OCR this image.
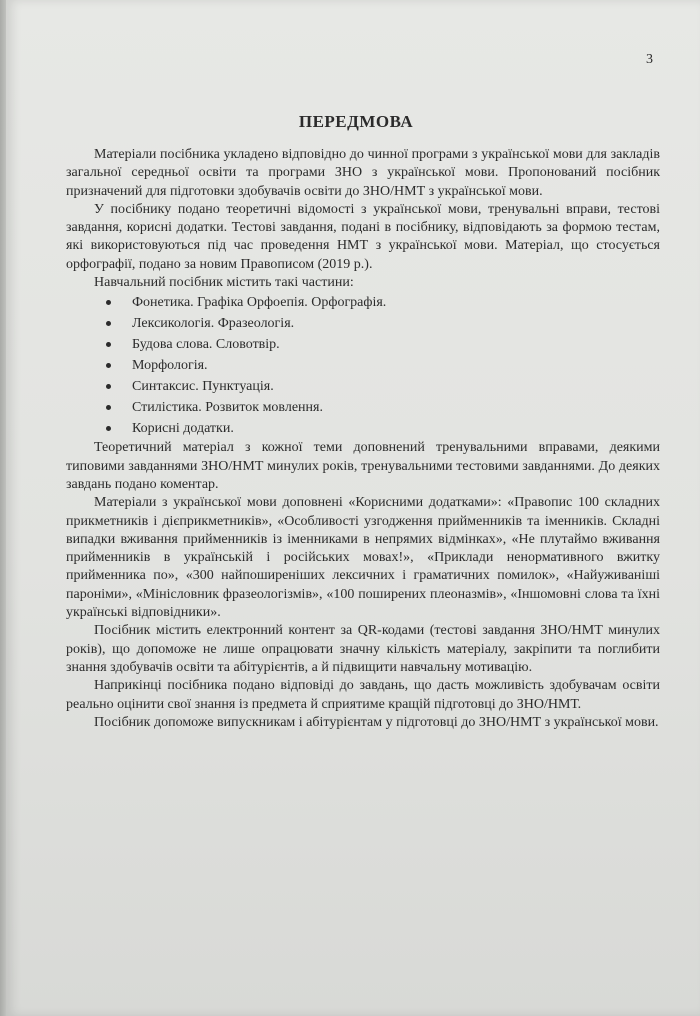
3
ПЕРЕДМОВА

Матеріали посібника укладено відповідно до чинної програми з української мови для закладів загальної середньої освіти та програми ЗНО з української мови. Пропонований посібник призначений для підготовки здобувачів освіти до ЗНО/НМТ з української мови.

У посібнику подано теоретичні відомості з української мови, тренувальні вправи, тестові завдання, корисні додатки. Тестові завдання, подані в посібнику, відповідають за формою тестам, які використовуються під час проведення НМТ з української мови. Матеріал, що стосується орфографії, подано за новим Правописом (2019 р.).

Навчальний посібник містить такі частини:

Фонетика. Графіка Орфоепія. Орфографія.
Лексикологія. Фразеологія.
Будова слова. Словотвір.
Морфологія.
Синтаксис. Пунктуація.
Стилістика. Розвиток мовлення.
Корисні додатки.

Теоретичний матеріал з кожної теми доповнений тренувальними вправами, деякими типовими завданнями ЗНО/НМТ минулих років, тренувальними тестовими завданнями. До деяких завдань подано коментар.

Матеріали з української мови доповнені «Корисними додатками»: «Правопис 100 складних прикметників і дієприкметників», «Особливості узгодження прийменників та іменників. Складні випадки вживання прийменників із іменниками в непрямих відмінках», «Не плутаймо вживання прийменників в українській і російських мовах!», «Приклади ненормативного вжитку прийменника по», «300 найпоширеніших лексичних і граматичних помилок», «Найуживаніші пароніми», «Мінісловник фразеологізмів», «100 поширених плеоназмів», «Іншомовні слова та їхні українські відповідники».

Посібник містить електронний контент за QR-кодами (тестові завдання ЗНО/НМТ минулих років), що допоможе не лише опрацювати значну кількість матеріалу, закріпити та поглибити знання здобувачів освіти та абітурієнтів, а й підвищити навчальну мотивацію.

Наприкінці посібника подано відповіді до завдань, що дасть можливість здобувачам освіти реально оцінити свої знання із предмета й сприятиме кращій підготовці до ЗНО/НМТ.

Посібник допоможе випускникам і абітурієнтам у підготовці до ЗНО/НМТ з української мови.
